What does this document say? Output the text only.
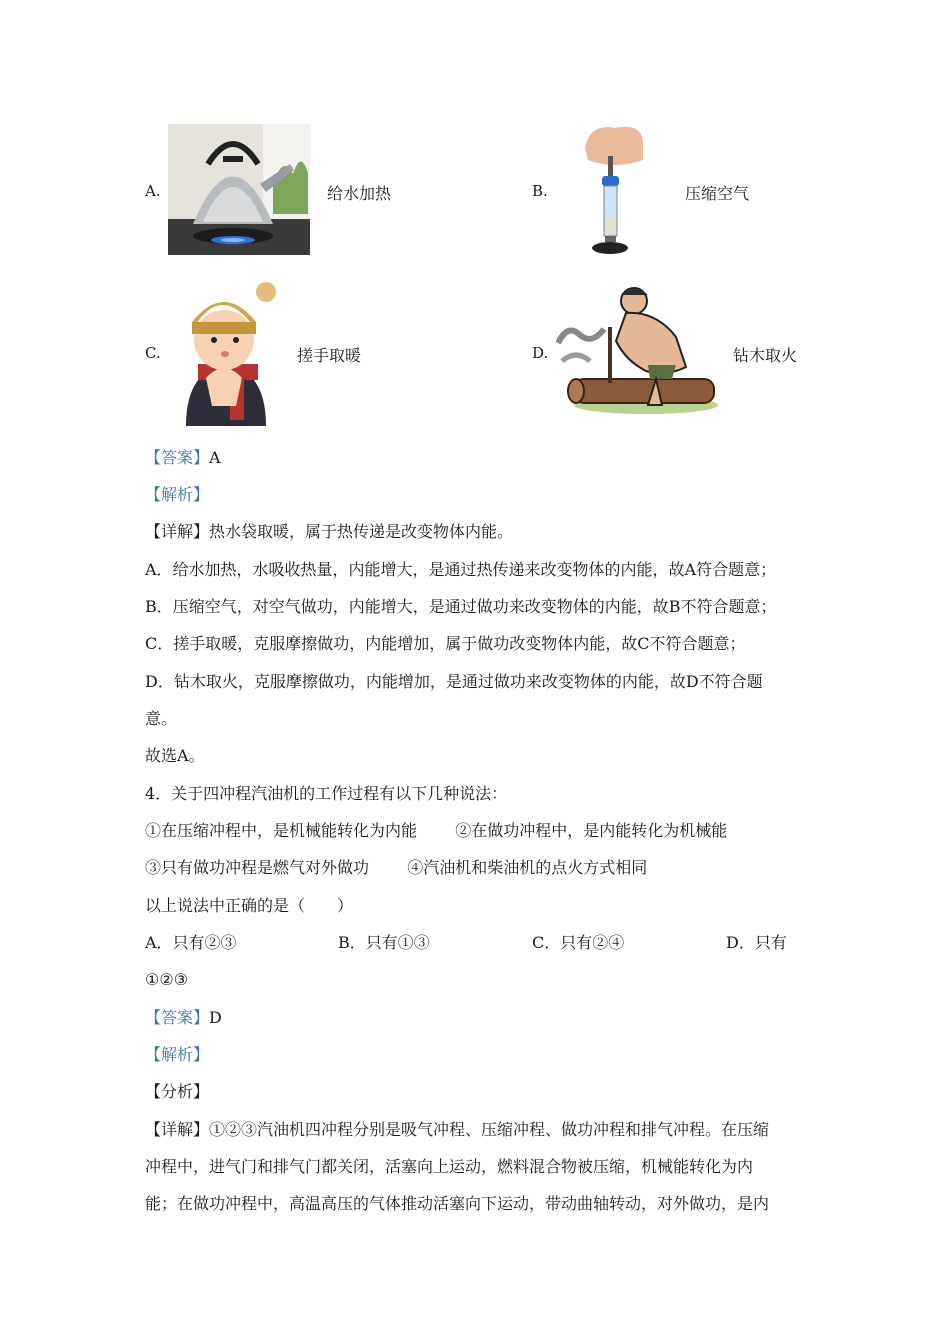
A.	给水加热	B.	压缩空气
C.	搓手取暖	D.	钻木取火
【答案】A
【解析】
【详解】热水袋取暖，属于热传递是改变物体内能。
A．给水加热，水吸收热量，内能增大，是通过热传递来改变物体的内能，故A符合题意；
B．压缩空气，对空气做功，内能增大，是通过做功来改变物体的内能，故B不符合题意；
C．搓手取暖，克服摩擦做功，内能增加，属于做功改变物体内能，故C不符合题意；
D．钻木取火，克服摩擦做功，内能增加，是通过做功来改变物体的内能，故D不符合题
意。
故选A。
4．关于四冲程汽油机的工作过程有以下几种说法：
①在压缩冲程中，是机械能转化为内能 ②在做功冲程中，是内能转化为机械能
③只有做功冲程是燃气对外做功 ④汽油机和柴油机的点火方式相同
以上说法中正确的是（　　）
A．只有②③	B．只有①③	C．只有②④	D．只有
①②③
【答案】D
【解析】
【分析】
【详解】①②③汽油机四冲程分别是吸气冲程、压缩冲程、做功冲程和排气冲程。在压缩
冲程中，进气门和排气门都关闭，活塞向上运动，燃料混合物被压缩，机械能转化为内
能；在做功冲程中，高温高压的气体推动活塞向下运动，带动曲轴转动，对外做功，是内
